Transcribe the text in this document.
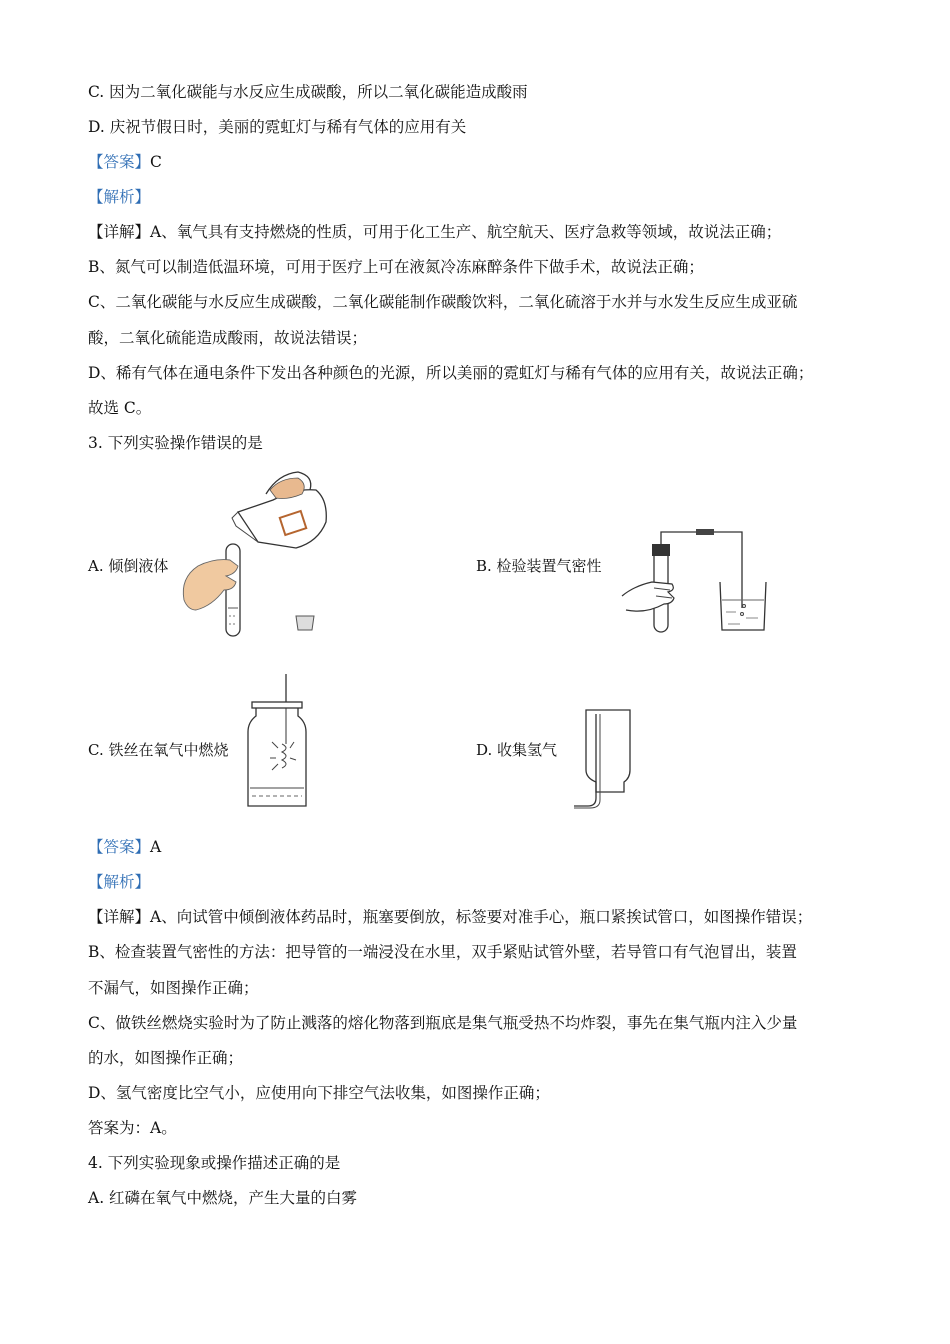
C. 因为二氧化碳能与水反应生成碳酸，所以二氧化碳能造成酸雨
D. 庆祝节假日时，美丽的霓虹灯与稀有气体的应用有关
【答案】C
【解析】
【详解】A、氧气具有支持燃烧的性质，可用于化工生产、航空航天、医疗急救等领域，故说法正确；
B、氮气可以制造低温环境，可用于医疗上可在液氮冷冻麻醉条件下做手术，故说法正确；
C、二氧化碳能与水反应生成碳酸，二氧化碳能制作碳酸饮料，二氧化硫溶于水并与水发生反应生成亚硫
酸，二氧化硫能造成酸雨，故说法错误；
D、稀有气体在通电条件下发出各种颜色的光源，所以美丽的霓虹灯与稀有气体的应用有关，故说法正确；
故选 C。
3. 下列实验操作错误的是
A. 倾倒液体	B. 检验装置气密性
C. 铁丝在氧气中燃烧	D. 收集氢气
【答案】A
【解析】
【详解】A、向试管中倾倒液体药品时，瓶塞要倒放，标签要对准手心，瓶口紧挨试管口，如图操作错误；
B、检查装置气密性的方法：把导管的一端浸没在水里，双手紧贴试管外壁，若导管口有气泡冒出，装置
不漏气，如图操作正确；
C、做铁丝燃烧实验时为了防止溅落的熔化物落到瓶底是集气瓶受热不均炸裂，事先在集气瓶内注入少量
的水，如图操作正确；
D、氢气密度比空气小，应使用向下排空气法收集，如图操作正确；
答案为：A。
4. 下列实验现象或操作描述正确的是
A. 红磷在氧气中燃烧，产生大量的白雾
